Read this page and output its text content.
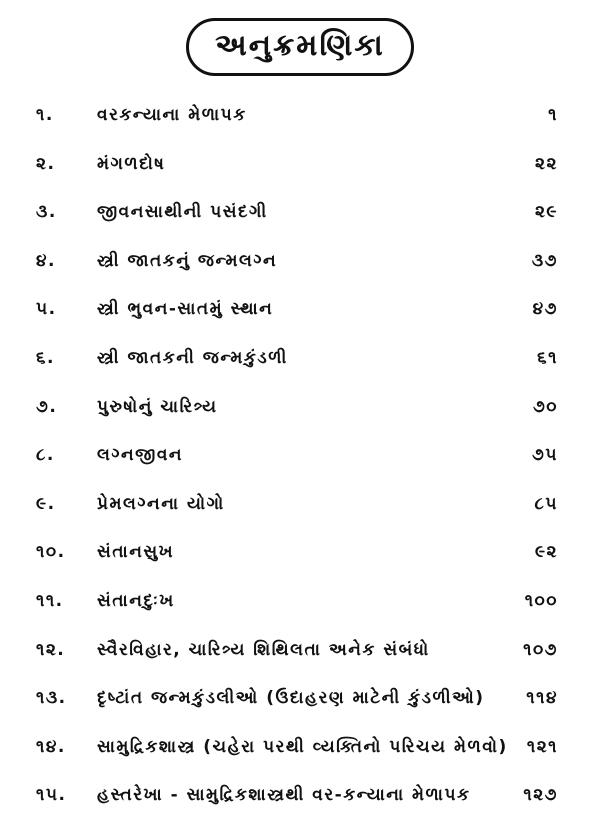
અનુક્રમણિકા
૧.	વરકન્યાના મેળાપક	૧
૨. મંગળદોષ	૨૨
૩. જીવનસાથીની પસંદગી	૨૯
૪. સ્ત્રી જાતકનું જન્મલગ્ન	૩૭
૫. સ્ત્રી ભુવન-સાતમું સ્થાન	૪૭
૬. સ્ત્રી જાતકની જન્મકુંડળી	૬૧
૭. પુરુષોનું ચારિત્ર્ય	૭૦
૮. લગ્નજીવન	૭૫
૯. પ્રેમલગ્નના યોગો	૮૫
૧૦. સંતાનસુખ	૯૨
૧૧. સંતાનદુઃખ	૧૦૦
૧૨. સ્વૈરવિહાર, ચારિત્ર્ય શિથિલતા અનેક સંબંધો	૧૦૭
૧૩. દૃષ્ટાંત જન્મકુંડલીઓ (ઉદાહરણ માટેની કુંડળીઓ) ૧૧૪
૧૪. સામુદ્રિકશાસ્ત્ર (ચહેરા પરથી વ્યક્તિનો પરિચય મેળવો) ૧૨૧
૧૫. હસ્તરેખા - સામુદ્રિકશાસ્ત્રથી વર-કન્યાના મેળાપક	૧૨૭
